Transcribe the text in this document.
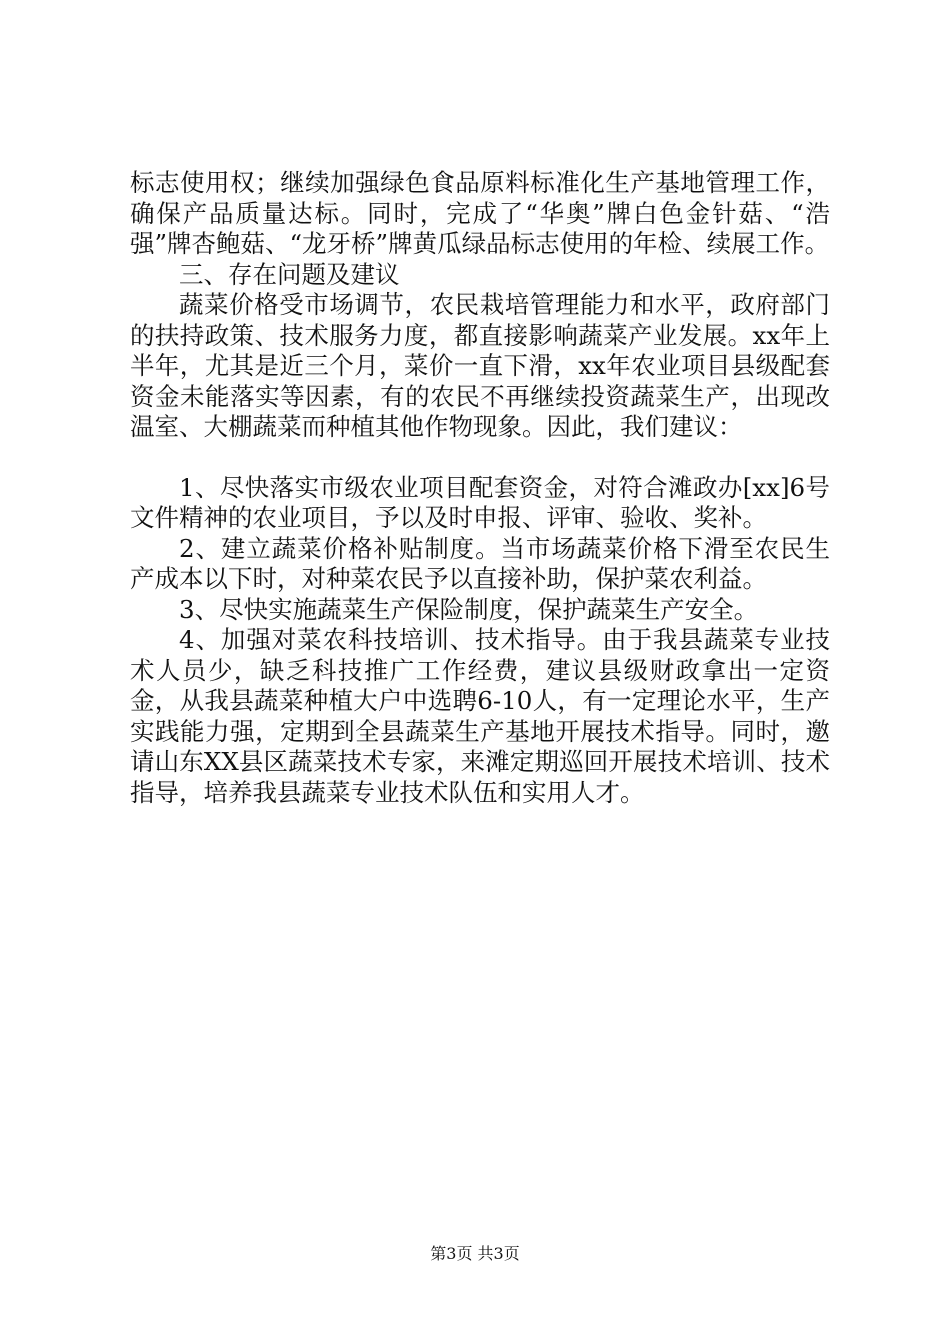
标志使用权；继续加强绿色食品原料标准化生产基地管理工作，确保产品质量达标。同时，完成了“华奥”牌白色金针菇、“浩强”牌杏鲍菇、“龙牙桥”牌黄瓜绿品标志使用的年检、续展工作。

三、存在问题及建议

蔬菜价格受市场调节，农民栽培管理能力和水平，政府部门的扶持政策、技术服务力度，都直接影响蔬菜产业发展。xx年上半年，尤其是近三个月，菜价一直下滑，xx年农业项目县级配套资金未能落实等因素，有的农民不再继续投资蔬菜生产，出现改温室、大棚蔬菜而种植其他作物现象。因此，我们建议：

1、尽快落实市级农业项目配套资金，对符合滩政办[xx]6号文件精神的农业项目，予以及时申报、评审、验收、奖补。

2、建立蔬菜价格补贴制度。当市场蔬菜价格下滑至农民生产成本以下时，对种菜农民予以直接补助，保护菜农利益。

3、尽快实施蔬菜生产保险制度，保护蔬菜生产安全。

4、加强对菜农科技培训、技术指导。由于我县蔬菜专业技术人员少，缺乏科技推广工作经费，建议县级财政拿出一定资金，从我县蔬菜种植大户中选聘6-10人，有一定理论水平，生产实践能力强，定期到全县蔬菜生产基地开展技术指导。同时，邀请山东XX县区蔬菜技术专家，来滩定期巡回开展技术培训、技术指导，培养我县蔬菜专业技术队伍和实用人才。

第3页 共3页
